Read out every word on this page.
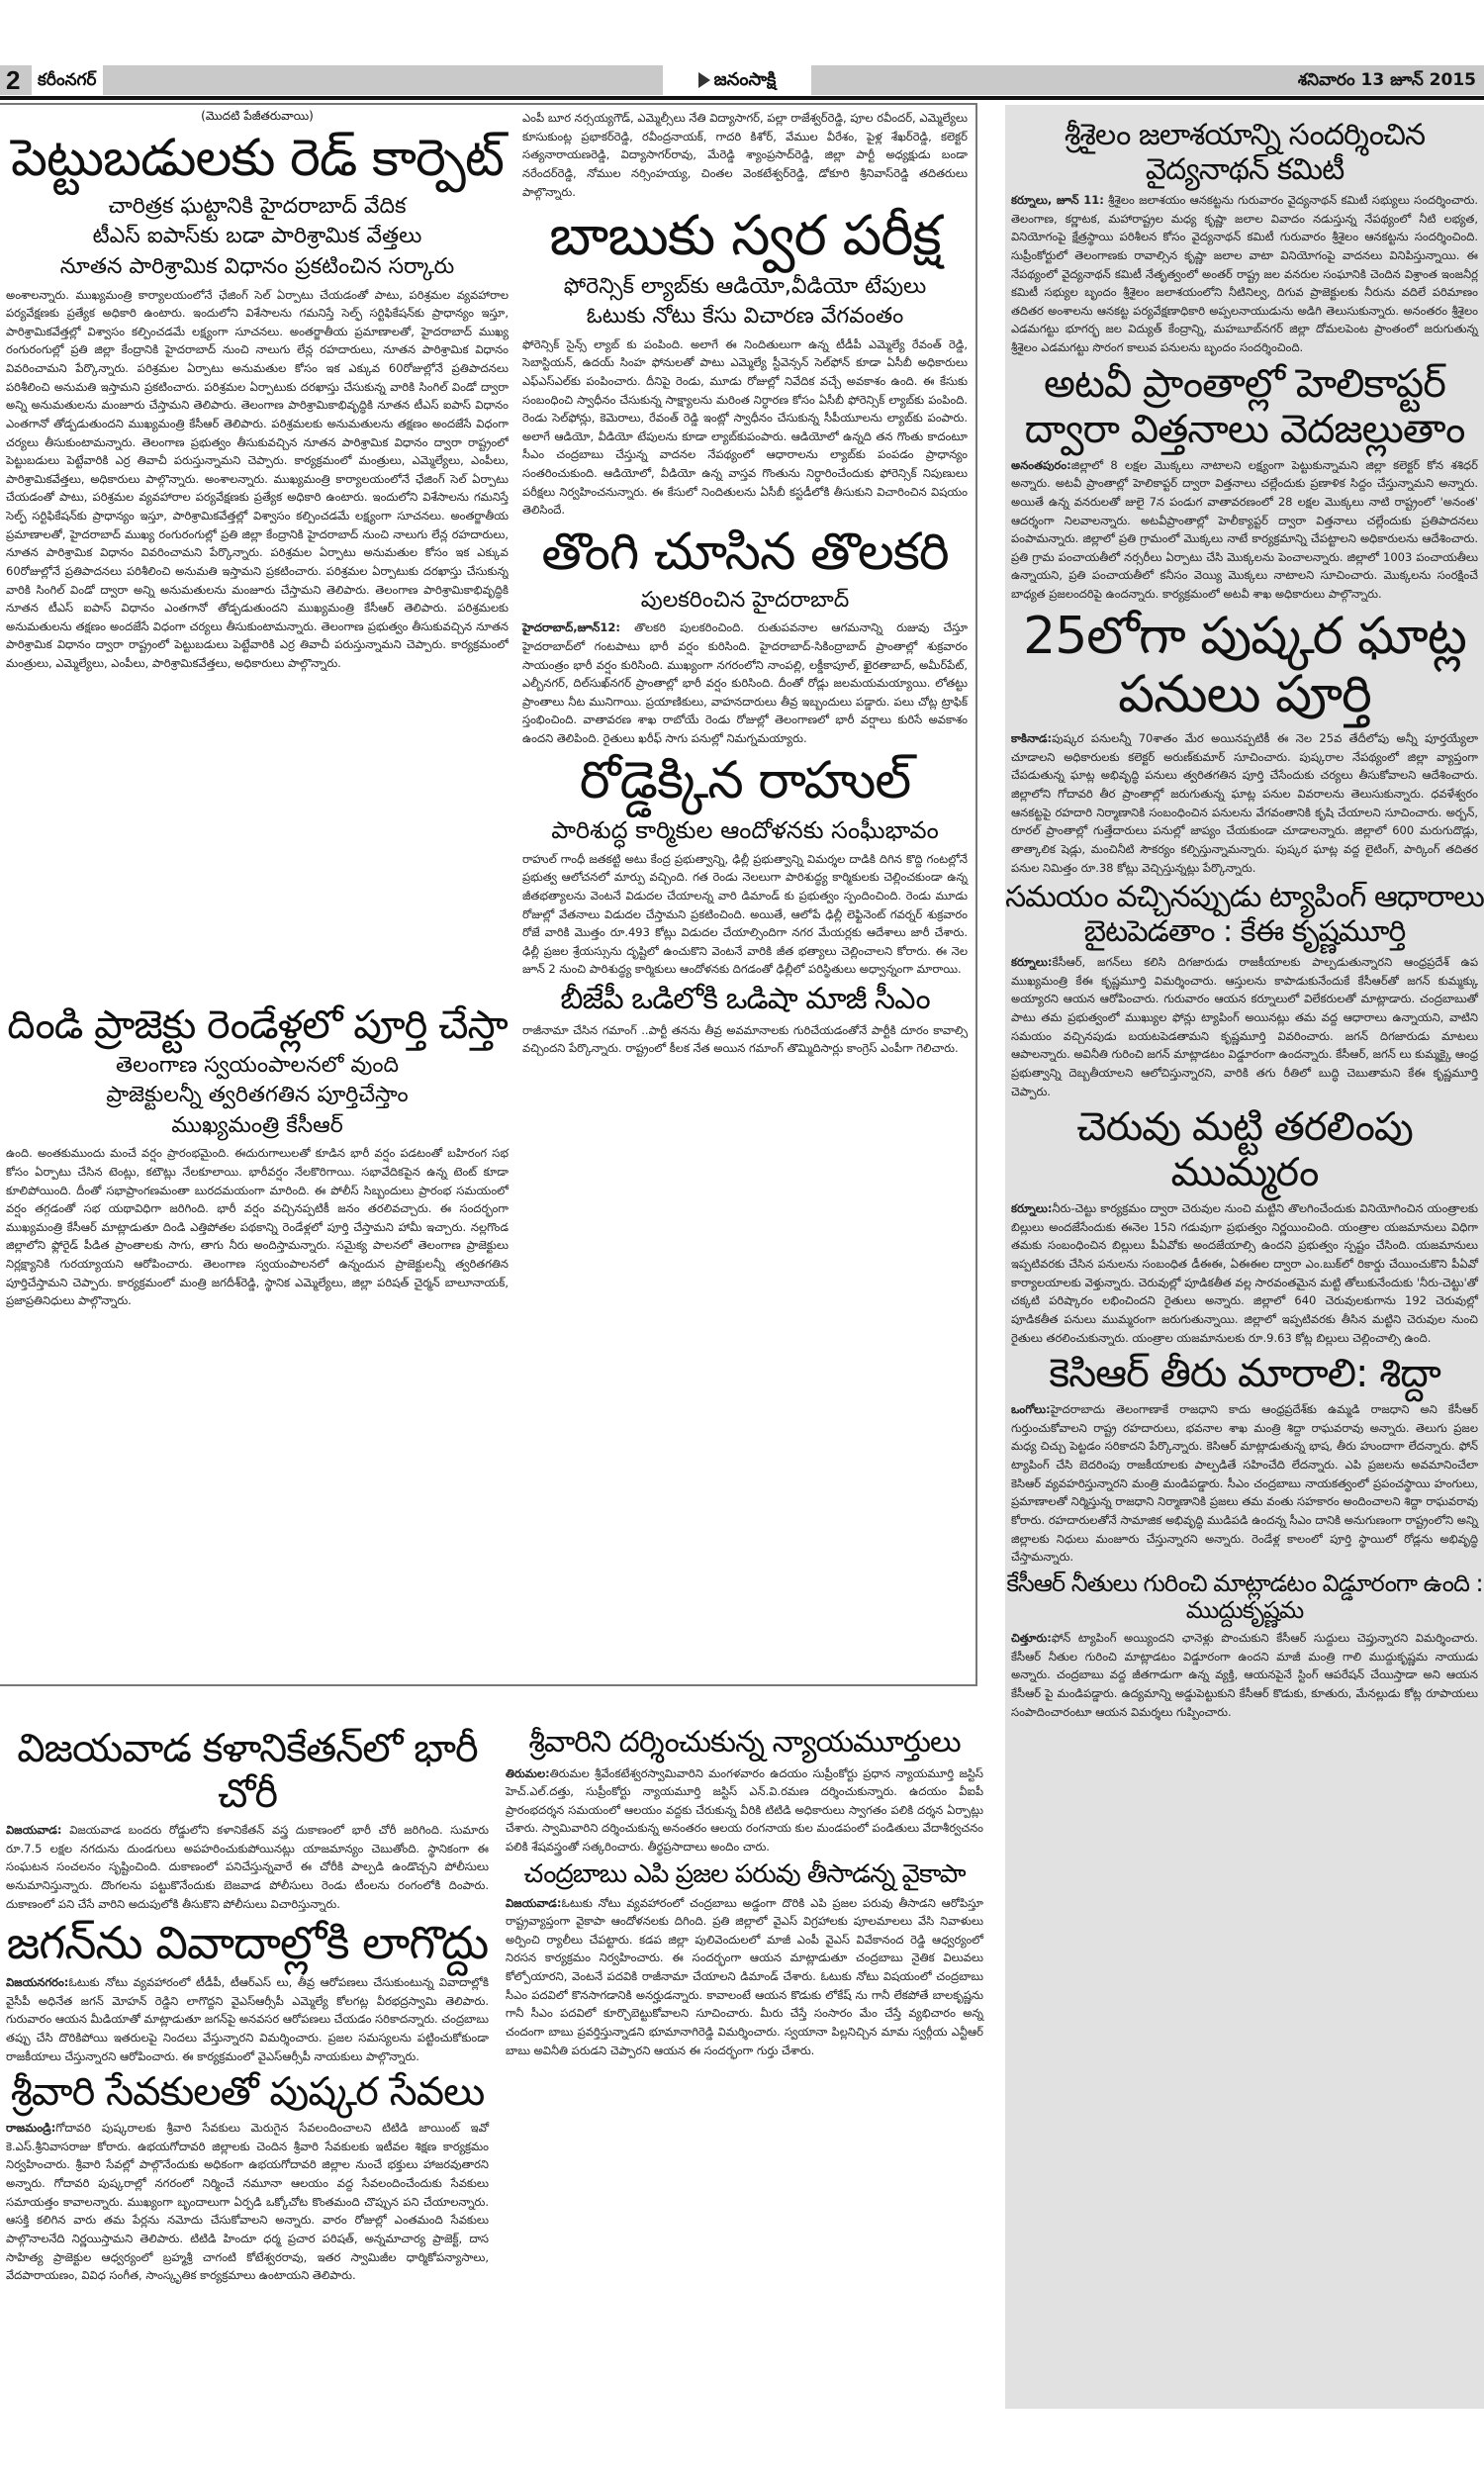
2	కరీంనగర్	జనంసాక్షి	శనివారం 13 జూన్ 2015
(మొదటి పేజీతరువాయి)
పెట్టుబడులకు రెడ్ కార్పెట్
చారిత్రక ఘట్టానికి హైదరాబాద్ వేదిక
టీఎస్ ఐపాస్‌కు బడా పారిశ్రామిక వేత్తలు
నూతన పారిశ్రామిక విధానం ప్రకటించిన సర్కారు
అంశాలన్నారు. ముఖ్యమంత్రి కార్యాలయంలోనే ఛేజింగ్ సెల్ ఏర్పాటు చేయడంతో పాటు, పరిశ్రమల వ్యవహారాల పర్యవేక్షణకు ప్రత్యేక అధికారి ఉంటారు. ఇందులోని విశేసాలను గమనిస్తే సెల్ఫ్ సర్టిఫికేషన్‌కు ప్రాధాన్యం ఇస్తూ, పారిశ్రామికవేత్తల్లో విశ్వాసం కల్పించడమే లక్ష్యంగా సూచనలు. అంతర్జాతీయ ప్రమాణాలతో, హైదరాబాద్ ముఖ్య రంగురంగుల్లో ప్రతి జిల్లా కేంద్రానికి హైదరాబాద్ నుంచి నాలుగు లేన్ల రహదారులు, నూతన పారిశ్రామిక విధానం వివరించామని పేర్కొన్నారు. పరిశ్రమల ఏర్పాటు అనుమతుల కోసం ఇక ఎక్కువ 60రోజుల్లోనే ప్రతిపాదనలు పరిశీలించి అనుమతి ఇస్తామని ప్రకటించారు. పరిశ్రమల ఏర్పాటుకు దరఖాస్తు చేసుకున్న వారికి సింగిల్ విండో ద్వారా అన్ని అనుమతులను మంజూరు చేస్తామని తెలిపారు. తెలంగాణ పారిశ్రామికాభివృద్ధికి నూతన టీఎస్ ఐపాస్ విధానం ఎంతగానో తోడ్పడుతుందని ముఖ్యమంత్రి కేసీఆర్ తెలిపారు. పరిశ్రమలకు అనుమతులను తక్షణం అందజేసే విధంగా చర్యలు తీసుకుంటామన్నారు. తెలంగాణ ప్రభుత్వం తీసుకువచ్చిన నూతన పారిశ్రామిక విధానం ద్వారా రాష్ట్రంలో పెట్టుబడులు పెట్టేవారికి ఎర్ర తివాచీ పరుస్తున్నామని చెప్పారు. కార్యక్రమంలో మంత్రులు, ఎమ్మెల్యేలు, ఎంపీలు, పారిశ్రామికవేత్తలు, అధికారులు పాల్గొన్నారు. అంశాలన్నారు. ముఖ్యమంత్రి కార్యాలయంలోనే ఛేజింగ్ సెల్ ఏర్పాటు చేయడంతో పాటు, పరిశ్రమల వ్యవహారాల పర్యవేక్షణకు ప్రత్యేక అధికారి ఉంటారు. ఇందులోని విశేసాలను గమనిస్తే సెల్ఫ్ సర్టిఫికేషన్‌కు ప్రాధాన్యం ఇస్తూ, పారిశ్రామికవేత్తల్లో విశ్వాసం కల్పించడమే లక్ష్యంగా సూచనలు. అంతర్జాతీయ ప్రమాణాలతో, హైదరాబాద్ ముఖ్య రంగురంగుల్లో ప్రతి జిల్లా కేంద్రానికి హైదరాబాద్ నుంచి నాలుగు లేన్ల రహదారులు, నూతన పారిశ్రామిక విధానం వివరించామని పేర్కొన్నారు. పరిశ్రమల ఏర్పాటు అనుమతుల కోసం ఇక ఎక్కువ 60రోజుల్లోనే ప్రతిపాదనలు పరిశీలించి అనుమతి ఇస్తామని ప్రకటించారు. పరిశ్రమల ఏర్పాటుకు దరఖాస్తు చేసుకున్న వారికి సింగిల్ విండో ద్వారా అన్ని అనుమతులను మంజూరు చేస్తామని తెలిపారు. తెలంగాణ పారిశ్రామికాభివృద్ధికి నూతన టీఎస్ ఐపాస్ విధానం ఎంతగానో తోడ్పడుతుందని ముఖ్యమంత్రి కేసీఆర్ తెలిపారు. పరిశ్రమలకు అనుమతులను తక్షణం అందజేసే విధంగా చర్యలు తీసుకుంటామన్నారు. తెలంగాణ ప్రభుత్వం తీసుకువచ్చిన నూతన పారిశ్రామిక విధానం ద్వారా రాష్ట్రంలో పెట్టుబడులు పెట్టేవారికి ఎర్ర తివాచీ పరుస్తున్నామని చెప్పారు. కార్యక్రమంలో మంత్రులు, ఎమ్మెల్యేలు, ఎంపీలు, పారిశ్రామికవేత్తలు, అధికారులు పాల్గొన్నారు.
దిండి ప్రాజెక్టు రెండేళ్లలో పూర్తి చేస్తా
తెలంగాణ స్వయంపాలనలో వుంది
ప్రాజెక్టులన్నీ త్వరితగతిన పూర్తిచేస్తాం
ముఖ్యమంత్రి కేసీఆర్
ఉంది. అంతకుముందు మంచే వర్షం ప్రారంభమైంది. ఈదురుగాలులతో కూడిన భారీ వర్షం పడటంతో బహిరంగ సభ కోసం ఏర్పాటు చేసిన టెంట్లు, కటౌట్లు నేలకూలాయి. భారీవర్షం నేలకొరిగాయి. సభావేదికపైన ఉన్న టెంట్ కూడా కూలిపోయింది. దీంతో సభాప్రాంగణమంతా బురదమయంగా మారింది. ఈ పోలీస్ సిబ్బందులు ప్రారంభ సమయంలో వర్షం తగ్గడంతో సభ యథావిధిగా జరిగింది. భారీ వర్షం వచ్చినప్పటికీ జనం తరలివచ్చారు. ఈ సందర్భంగా ముఖ్యమంత్రి కేసీఆర్ మాట్లాడుతూ దిండి ఎత్తిపోతల పథకాన్ని రెండేళ్లలో పూర్తి చేస్తామని హామీ ఇచ్చారు. నల్లగొండ జిల్లాలోని ఫ్లోరైడ్ పీడిత ప్రాంతాలకు సాగు, తాగు నీరు అందిస్తామన్నారు. సమైక్య పాలనలో తెలంగాణ ప్రాజెక్టులు నిర్లక్ష్యానికి గురయ్యాయని ఆరోపించారు. తెలంగాణ స్వయంపాలనలో ఉన్నందున ప్రాజెక్టులన్నీ త్వరితగతిన పూర్తిచేస్తామని చెప్పారు. కార్యక్రమంలో మంత్రి జగదీశ్‌రెడ్డి, స్థానిక ఎమ్మెల్యేలు, జిల్లా పరిషత్ చైర్మన్ బాలూనాయక్, ప్రజాప్రతినిధులు పాల్గొన్నారు.
ఎంపీ బూర నర్సయ్యగౌడ్, ఎమ్మెల్సీలు నేతి విద్యాసాగర్, పల్లా రాజేశ్వర్‌రెడ్డి, పూల రవీందర్, ఎమ్మెల్యేలు కూసుకుంట్ల ప్రభాకర్‌రెడ్డి, రవీంద్రనాయక్, గాదరి కిశోర్, వేముల వీరేశం, పైళ్ల శేఖర్‌రెడ్డి, కలెక్టర్ సత్యనారాయణరెడ్డి, విద్యాసాగర్‌రావు, మేరెడ్డి శ్యాంప్రసాద్‌రెడ్డి, జిల్లా పార్టీ అధ్యక్షుడు బండా నరేందర్‌రెడ్డి, నోముల నర్సింహయ్య, చింతల వెంకటేశ్వర్‌రెడ్డి, డోకూరి శ్రీనివాస్‌రెడ్డి తదితరులు పాల్గొన్నారు.
బాబుకు స్వర పరీక్ష
ఫోరెన్సిక్ ల్యాబ్‌కు ఆడియో,వీడియో టేపులు
ఓటుకు నోటు కేసు విచారణ వేగవంతం
ఫోరెన్సిక్ సైన్స్ ల్యాబ్ కు పంపింది. అలాగే ఈ నిందితులుగా ఉన్న టీడీపీ ఎమ్మెల్యే రేవంత్ రెడ్డి, సెబాస్టియన్, ఉదయ్ సింహ ఫోనులతో పాటు ఎమ్మెల్యే స్టీవెన్సన్ సెల్‌ఫోన్ కూడా ఏసీబీ అధికారులు ఎఫ్‌ఎస్‌ఎల్‌కు పంపించారు. దీనిపై రెండు, మూడు రోజుల్లో నివేదిక వచ్చే అవకాశం ఉంది. ఈ కేసుకు సంబంధించి స్వాధీనం చేసుకున్న సాక్ష్యాలను మరింత నిర్ధారణ కోసం ఏసీబీ ఫోరెన్సిక్ ల్యాబ్‌కు పంపింది. రెండు సెల్‌ఫోన్లు, కెమెరాలు, రేవంత్ రెడ్డి ఇంట్లో స్వాధీనం చేసుకున్న సీపీయూలను ల్యాబ్‌కు పంపారు. అలాగే ఆడియో, వీడియో టేపులను కూడా ల్యాబ్‌కుపంపారు. ఆడియోలో ఉన్నది తన గొంతు కాదంటూ సీఎం చంద్రబాబు చేస్తున్న వాదనల నేపథ్యంలో ఆధారాలను ల్యాబ్‌కు పంపడం ప్రాధాన్యం సంతరించుకుంది. ఆడియోలో, వీడియో ఉన్న వాస్తవ గొంతును నిర్ధారించేందుకు ఫోరెన్సిక్ నిపుణులు పరీక్షలు నిర్వహించనున్నారు. ఈ కేసులో నిందితులను ఏసీబీ కస్టడీలోకి తీసుకుని విచారించిన విషయం తెలిసిందే.
తొంగి చూసిన తొలకరి
పులకరించిన హైదరాబాద్
హైదరాబాద్,జూన్12: తొలకరి పులకరించింది. రుతుపవనాల ఆగమనాన్ని రుజువు చేస్తూ హైదరాబాద్‌లో గంటపాటు భారీ వర్షం కురిసింది. హైదరాబాద్-సికింద్రాబాద్ ప్రాంతాల్లో శుక్రవారం సాయంత్రం భారీ వర్షం కురిసింది. ముఖ్యంగా నగరంలోని నాంపల్లి, లక్డీకాపూల్, ఖైరతాబాద్, అమీర్‌పేట్, ఎల్బీనగర్, దిల్‌సుఖ్‌నగర్ ప్రాంతాల్లో భారీ వర్షం కురిసింది. దీంతో రోడ్లు జలమయమయ్యాయి. లోతట్టు ప్రాంతాలు నీట మునిగాయి. ప్రయాణికులు, వాహనదారులు తీవ్ర ఇబ్బందులు పడ్డారు. పలు చోట్ల ట్రాఫిక్ స్తంభించింది. వాతావరణ శాఖ రాబోయే రెండు రోజుల్లో తెలంగాణలో భారీ వర్షాలు కురిసే అవకాశం ఉందని తెలిపింది. రైతులు ఖరీఫ్ సాగు పనుల్లో నిమగ్నమయ్యారు.
రోడ్డెక్కిన రాహుల్
పారిశుద్ధ కార్మికుల ఆందోళనకు సంఘీభావం
రాహుల్ గాంధీ జతకట్టి అటు కేంద్ర ప్రభుత్వాన్ని, ఢిల్లీ ప్రభుత్వాన్ని విమర్శల దాడికి దిగిన కొద్ది గంటల్లోనే ప్రభుత్వ ఆలోచనలో మార్పు వచ్చింది. గత రెండు నెలలుగా పారిశుద్ధ్య కార్మికులకు చెల్లించకుండా ఉన్న జీతభత్యాలను వెంటనే విడుదల చేయాలన్న వారి డిమాండ్ కు ప్రభుత్వం స్పందించింది. రెండు మూడు రోజుల్లో వేతనాలు విడుదల చేస్తామని ప్రకటించింది. అయితే, ఆలోపే ఢిల్లీ లెఫ్టినెంట్ గవర్నర్ శుక్రవారం రోజే వారికి మొత్తం రూ.493 కోట్లు విడుదల చేయాల్సిందిగా నగర మేయర్లకు ఆదేశాలు జారీ చేశారు. ఢిల్లీ ప్రజల శ్రేయస్సును దృష్టిలో ఉంచుకొని వెంటనే వారికి జీత భత్యాలు చెల్లించాలని కోరారు. ఈ నెల జూన్ 2 నుంచి పారిశుద్ధ్య కార్మికులు ఆందోళనకు దిగడంతో ఢిల్లీలో పరిస్థితులు అధ్వాన్నంగా మారాయి.
బీజేపీ ఒడిలోకి ఒడిషా మాజీ సీఎం
రాజీనామా చేసిన గమాంగ్ ..పార్టీ తనను తీవ్ర అవమానాలకు గురిచేయడంతోనే పార్టీకి దూరం కావాల్సి వచ్చిందని పేర్కొన్నారు. రాష్ట్రంలో కీలక నేత అయిన గమాంగ్ తొమ్మిదిసార్లు కాంగ్రెస్ ఎంపీగా గెలిచారు.
శ్రీశైలం జలాశయాన్ని సందర్శించిన వైద్యనాథన్ కమిటీ
కర్నూలు, జూన్ 11: శ్రీశైలం జలాశయం ఆనకట్టను గురువారం వైద్యనాథన్ కమిటీ సభ్యులు సందర్శించారు. తెలంగాణ, కర్ణాటక, మహారాష్ట్రల మధ్య కృష్ణా జలాల వివాదం నడుస్తున్న నేపథ్యంలో నీటి లభ్యత, వినియోగంపై క్షేత్రస్థాయి పరిశీలన కోసం వైద్యనాథన్ కమిటీ గురువారం శ్రీశైలం ఆనకట్టను సందర్శించింది. సుప్రీంకోర్టులో తెలంగాణకు రావాల్సిన కృష్ణా జలాల వాటా వినియోగంపై వాదనలు వినిపిస్తున్నాయి. ఈ నేపథ్యంలో వైద్యనాథన్ కమిటీ నేతృత్వంలో అంతర్ రాష్ట్ర జల వనరుల సంఘానికి చెందిన విశ్రాంత ఇంజనీర్ల కమిటీ సభ్యుల బృందం శ్రీశైలం జలాశయంలోని నీటినిల్వ, దిగువ ప్రాజెక్టులకు నీరును వదిలే పరిమాణం తదితర అంశాలను ఆనకట్ట పర్యవేక్షణాధికారి అప్పలనాయుడును అడిగి తెలుసుకున్నారు. అనంతరం శ్రీశైలం ఎడమగట్టు భూగర్భ జల విద్యుత్ కేంద్రాన్ని, మహబూబ్‌నగర్ జిల్లా దోమలపెంట ప్రాంతంలో జరుగుతున్న శ్రీశైలం ఎడమగట్టు సొరంగ కాలువ పనులను బృందం సందర్శించింది.
అటవీ ప్రాంతాల్లో హెలికాప్టర్ ద్వారా విత్తనాలు వెదజల్లుతాం
అనంతపురం:జిల్లాలో 8 లక్షల మొక్కలు నాటాలని లక్ష్యంగా పెట్టుకున్నామని జిల్లా కలెక్టర్ కోన శశిధర్ అన్నారు. అటవీ ప్రాంతాల్లో హెలికాప్టర్ ద్వారా విత్తనాలు చల్లేందుకు ప్రణాళిక సిద్దం చేస్తున్నామని అన్నారు. అయితే ఉన్న వనరులతో జులై 7న పండుగ వాతావరణంలో 28 లక్షల మొక్కలు నాటి రాష్ట్రంలో 'అనంత' ఆదర్శంగా నిలవాలన్నారు. అటవీప్రాంతాల్లో హెలీక్యాప్టర్ ద్వారా విత్తనాలు చల్లేందుకు ప్రతిపాదనలు పంపామన్నారు. జిల్లాలో ప్రతి గ్రామంలో మొక్కలు నాటే కార్యక్రమాన్ని చేపట్టాలని అధికారులను ఆదేశించారు. ప్రతి గ్రామ పంచాయతీలో నర్సరీలు ఏర్పాటు చేసి మొక్కలను పెంచాలన్నారు. జిల్లాలో 1003 పంచాయతీలు ఉన్నాయని, ప్రతి పంచాయతీలో కనీసం వెయ్యి మొక్కలు నాటాలని సూచించారు. మొక్కలను సంరక్షించే బాధ్యత ప్రజలందరిపై ఉందన్నారు. కార్యక్రమంలో అటవీ శాఖ అధికారులు పాల్గొన్నారు.
25లోగా పుష్కర ఘాట్ల పనులు పూర్తి
కాకినాడ:పుష్కర పనులన్నీ 70శాతం మేర అయినప్పటికీ ఈ నెల 25వ తేదీలోపు అన్నీ పూర్తయ్యేలా చూడాలని అధికారులకు కలెక్టర్ అరుణ్‌కుమార్ సూచించారు. పుష్కరాల నేపథ్యంలో జిల్లా వ్యాప్తంగా చేపడుతున్న ఘాట్ల అభివృద్ధి పనులు త్వరితగతిన పూర్తి చేసేందుకు చర్యలు తీసుకోవాలని ఆదేశించారు. జిల్లాలోని గోదావరి తీర ప్రాంతాల్లో జరుగుతున్న ఘాట్ల పనుల వివరాలను తెలుసుకున్నారు. ధవళేశ్వరం ఆనకట్టపై రహదారి నిర్మాణానికి సంబంధించిన పనులను వేగవంతానికి కృషి చేయాలని సూచించారు. అర్బన్, రూరల్ ప్రాంతాల్లో గుత్తేదారులు పనుల్లో జాప్యం చేయకుండా చూడాలన్నారు. జిల్లాలో 600 మరుగుదొడ్లు, తాత్కాలిక షెడ్లు, మంచినీటి సౌకర్యం కల్పిస్తున్నామన్నారు. పుష్కర ఘాట్ల వద్ద లైటింగ్, పార్కింగ్ తదితర పనుల నిమిత్తం రూ.38 కోట్లు వెచ్చిస్తున్నట్లు పేర్కొన్నారు.
సమయం వచ్చినప్పుడు ట్యాపింగ్ ఆధారాలు బైటపెడతాం : కేఈ కృష్ణమూర్తి
కర్నూలు:కేసీఆర్, జగన్‌లు కలిసి దిగజారుడు రాజకీయాలకు పాల్పడుతున్నారని ఆంధ్రప్రదేశ్ ఉప ముఖ్యమంత్రి కేఈ కృష్ణమూర్తి విమర్శించారు. ఆస్తులను కాపాడుకునేందుకే కేసీఆర్‌తో జగన్ కుమ్మక్కు అయ్యారని ఆయన ఆరోపించారు. గురువారం ఆయన కర్నూలులో విలేకరులతో మాట్లాడారు. చంద్రబాబుతో పాటు తమ ప్రభుత్వంలో ముఖ్యుల ఫోన్లు ట్యాపింగ్ అయినట్లు తమ వద్ద ఆధారాలు ఉన్నాయని, వాటిని సమయం వచ్చినపుడు బయటపెడతామని కృష్ణమూర్తి వివరించారు. జగన్ దిగజారుడు మాటలు ఆపాలన్నారు. అవినీతి గురించి జగన్ మాట్లాడటం విడ్డూరంగా ఉందన్నారు. కేసీఆర్, జగన్ లు కుమ్మక్కై ఆంధ్ర ప్రభుత్వాన్ని దెబ్బతీయాలని ఆలోచిస్తున్నారని, వారికి తగు రీతిలో బుద్ధి చెబుతామని కేఈ కృష్ణమూర్తి చెప్పారు.
చెరువు మట్టి తరలింపు ముమ్మరం
కర్నూలు:నీరు-చెట్టు కార్యక్రమం ద్వారా చెరువుల నుంచి మట్టిని తొలగించేందుకు వినియోగించిన యంత్రాలకు బిల్లులు అందజేసేందుకు ఈనెల 15ని గడువుగా ప్రభుత్వం నిర్ణయించింది. యంత్రాల యజమానులు విధిగా తమకు సంబంధించిన బిల్లులు పీఏవోకు అందజేయాల్సి ఉందని ప్రభుత్వం స్పష్టం చేసింది. యజమానులు ఇప్పటివరకు చేసిన పనులను సంబంధిత డీఈఈ, ఏఈఈల ద్వారా ఎం.బుక్‌లో రికార్డు చేయించుకొని పీఏవో కార్యాలయాలకు వెళ్తున్నారు. చెరువుల్లో పూడికతీత వల్ల సారవంతమైన మట్టి తోలుకునేందుకు 'నీరు-చెట్టు'తో చక్కటి పరిష్కారం లభించిందని రైతులు అన్నారు. జిల్లాలో 640 చెరువులకుగాను 192 చెరువుల్లో పూడికతీత పనులు ముమ్మరంగా జరుగుతున్నాయి. జిల్లాలో ఇప్పటివరకు తీసిన మట్టిని చెరువుల నుంచి రైతులు తరలించుకున్నారు. యంత్రాల యజమానులకు రూ.9.63 కోట్ల బిల్లులు చెల్లించాల్సి ఉంది.
కెసిఆర్ తీరు మారాలి: శిద్దా
ఒంగోలు:హైదరాబాదు తెలంగాణాకే రాజధాని కాదు ఆంధ్రప్రదేశ్‌కు ఉమ్మడి రాజధాని అని కేసీఆర్ గుర్తుంచుకోవాలని రాష్ట్ర రహదారులు, భవనాల శాఖ మంత్రి శిద్దా రాఘవరావు అన్నారు. తెలుగు ప్రజల మధ్య చిచ్చు పెట్టడం సరికాదని పేర్కొన్నారు. కెసిఆర్ మాట్లాడుతున్న భాష, తీరు హుందాగా లేదన్నారు. ఫోన్ ట్యాపింగ్ చేసి బెదరింపు రాజకీయాలకు పాల్పడితే సహించేది లేదన్నారు. ఎపి ప్రజలను అవమానించేలా కెసిఆర్ వ్యవహరిస్తున్నారని మంత్రి మండిపడ్డారు. సీఎం చంద్రబాబు నాయకత్వంలో ప్రపంచస్థాయి హంగులు, ప్రమాణాలతో నిర్మిస్తున్న రాజధాని నిర్మాణానికి ప్రజలు తమ వంతు సహకారం అందించాలని శిద్దా రాఘవరావు కోరారు. రహదారులతోనే సామాజిక అభివృద్ధి ముడిపడి ఉందన్న సీఎం దానికి అనుగుణంగా రాష్ట్రంలోని అన్ని జిల్లాలకు నిధులు మంజూరు చేస్తున్నారని అన్నారు. రెండేళ్ల కాలంలో పూర్తి స్థాయిలో రోడ్లను అభివృద్ధి చేస్తామన్నారు.
కేసీఆర్ నీతులు గురించి మాట్లాడటం విడ్డూరంగా ఉంది : ముద్దుకృష్ణమ
చిత్తూరు:ఫోన్ ట్యాపింగ్ అయ్యిందని ఛానెళ్లు పొంచుకుని కేసీఆర్ సుద్దులు చెప్తున్నారని విమర్శించారు. కేసీఆర్ నీతుల గురించి మాట్లాడటం విడ్డూరంగా ఉందని మాజీ మంత్రి గాలి ముద్దుకృష్ణమ నాయుడు అన్నారు. చంద్రబాబు వద్ద జీతగాడుగా ఉన్న వ్యక్తి, ఆయనపైనే స్టింగ్ ఆపరేషన్ చేయిస్తాడా అని ఆయన కేసీఆర్ పై మండిపడ్డారు. ఉద్యమాన్ని అడ్డుపెట్టుకుని కేసీఆర్ కొడుకు, కూతురు, మేనల్లుడు కోట్ల రూపాయలు సంపాదించారంటూ ఆయన విమర్శలు గుప్పించారు.
విజయవాడ కళానికేతన్‌లో భారీ చోరీ
విజయవాడ: విజయవాడ బందరు రోడ్డులోని కళానికేతన్ వస్త్ర దుకాణంలో భారీ చోరీ జరిగింది. సుమారు రూ.7.5 లక్షల నగదును దుండగులు అపహరించుకుపోయినట్లు యాజమాన్యం చెబుతోంది. స్థానికంగా ఈ సంఘటన సంచలనం సృష్టించింది. దుకాణంలో పనిచేస్తున్నవారే ఈ చోరీకి పాల్పడి ఉండొచ్చని పోలీసులు అనుమానిస్తున్నారు. దొంగలను పట్టుకొనేందుకు బెజవాడ పోలీసులు రెండు టీంలను రంగంలోకి దింపారు. దుకాణంలో పని చేసే వారిని అదుపులోకి తీసుకొని పోలీసులు విచారిస్తున్నారు.
జగన్‌ను వివాదాల్లోకి లాగొద్దు
విజయనగరం:ఓటుకు నోటు వ్యవహారంలో టీడీపీ, టీఆర్ఎస్ లు, తీవ్ర ఆరోపణలు చేసుకుంటున్న వివాదాల్లోకి వైసీపీ అధినేత జగన్ మోహన్ రెడ్డిని లాగొద్దని వైఎస్ఆర్సీపీ ఎమ్మెల్యే కోలగట్ల వీరభద్రస్వామి తెలిపారు. గురువారం ఆయన మీడియాతో మాట్లాడుతూ జగన్‌పై అనవసర ఆరోపణలు చేయడం సరికాదన్నారు. చంద్రబాబు తప్పు చేసి దొరికిపోయి ఇతరులపై నిందలు వేస్తున్నారని విమర్శించారు. ప్రజల సమస్యలను పట్టించుకోకుండా రాజకీయాలు చేస్తున్నారని ఆరోపించారు. ఈ కార్యక్రమంలో వైఎస్ఆర్సీపీ నాయకులు పాల్గొన్నారు.
శ్రీవారి సేవకులతో పుష్కర సేవలు
రాజమండ్రి:గోదావరి పుష్కరాలకు శ్రీవారి సేవకులు మెరుగైన సేవలందించాలని టిటిడి జాయింట్ ఇవో కె.ఎస్.శ్రీనివాసరాజు కోరారు. ఉభయగోదావరి జిల్లాలకు చెందిన శ్రీవారి సేవకులకు ఇటీవల శిక్షణ కార్యక్రమం నిర్వహించారు. శ్రీవారి సేవల్లో పాల్గొనేందుకు అధికంగా ఉభయగోదావరి జిల్లాల నుంచే భక్తులు హాజరవుతారని అన్నారు. గోదావరి పుష్కరాల్లో నగరంలో నిర్మించే నమూనా ఆలయం వద్ద సేవలందించేందుకు సేవకులు సమాయత్తం కావాలన్నారు. ముఖ్యంగా బృందాలుగా ఏర్పడి ఒక్కోచోట కొంతమంది చొప్పున పని చేయాలన్నారు. ఆసక్తి కలిగిన వారు తమ పేర్లను నమోదు చేసుకోవాలని అన్నారు. వారం రోజుల్లో ఎంతమంది సేవకులు పాల్గొనాలనేది నిర్ణయిస్తామని తెలిపారు. టిటిడి హిందూ ధర్మ ప్రచార పరిషత్, అన్నమాచార్య ప్రాజెక్ట్, దాస సాహిత్య ప్రాజెక్టుల ఆధ్వర్యంలో బ్రహ్మశ్రీ చాగంటి కోటేశ్వరరావు, ఇతర స్వామిజీల ధార్మికోపన్యాసాలు, వేదపారాయణం, వివిధ సంగీత, సాంస్కృతిక కార్యక్రమాలు ఉంటాయని తెలిపారు.
శ్రీవారిని దర్శించుకున్న న్యాయమూర్తులు
తిరుమల:తిరుమల శ్రీవేంకటేశ్వరస్వామివారిని మంగళవారం ఉదయం సుప్రీంకోర్టు ప్రధాన న్యాయమూర్తి జస్టిస్ హెచ్.ఎల్.దత్తు, సుప్రీంకోర్టు న్యాయమూర్తి జస్టిస్ ఎన్.వి.రమణ దర్శించుకున్నారు. ఉదయం వీఐపీ ప్రారంభదర్శన సమయంలో ఆలయం వద్దకు చేరుకున్న వీరికి టిటిడి అధికారులు స్వాగతం పలికి దర్శన ఏర్పాట్లు చేశారు. స్వామివారిని దర్శించుకున్న అనంతరం ఆలయ రంగనాయ కుల మండపంలో పండితులు వేదాశీర్వచనం పలికి శేషవస్త్రంతో సత్కరించారు. తీర్థప్రసాదాలు అందిం చారు.
చంద్రబాబు ఎపి ప్రజల పరువు తీసాడన్న వైకాపా
విజయవాడ:ఓటుకు నోటు వ్యవహారంలో చంద్రబాబు అడ్డంగా దొరికి ఎపి ప్రజల పరువు తీసాడని ఆరోపిస్తూ రాష్ట్రవ్యాప్తంగా వైకాపా ఆందోళనలకు దిగింది. ప్రతి జిల్లాలో వైఎస్ విగ్రహాలకు పూలమాలలు వేసి నివాళులు అర్పించి ర్యాలీలు చేపట్టారు. కడప జిల్లా పులివెందులలో మాజీ ఎంపీ వైఎస్ వివేకానంద రెడ్డి ఆధ్వర్యంలో నిరసన కార్యక్రమం నిర్వహించారు. ఈ సందర్భంగా ఆయన మాట్లాడుతూ చంద్రబాబు నైతిక విలువలు కోల్పోయారని, వెంటనే పదవికి రాజీనామా చేయాలని డిమాండ్ చేశారు. ఓటుకు నోటు విషయంలో చంద్రబాబు సీఎం పదవిలో కొనసాగడానికి అనర్హుడన్నారు. కావాలంటే ఆయన కొడుకు లోకేష్ ను గానీ లేకపోతే బాలకృష్ణను గానీ సీఎం పదవిలో కూర్చొబెట్టుకోవాలని సూచించారు. మీరు చేస్తే సంసారం మేం చేస్తే వ్యభిచారం అన్న చందంగా బాబు ప్రవర్తిస్తున్నాడని భూమానాగిరెడ్డి విమర్శించారు. స్వయానా పిల్లనిచ్చిన మామ స్వర్గీయ ఎన్టీఆర్ బాబు అవినీతి పరుడని చెప్పారని ఆయన ఈ సందర్భంగా గుర్తు చేశారు.
